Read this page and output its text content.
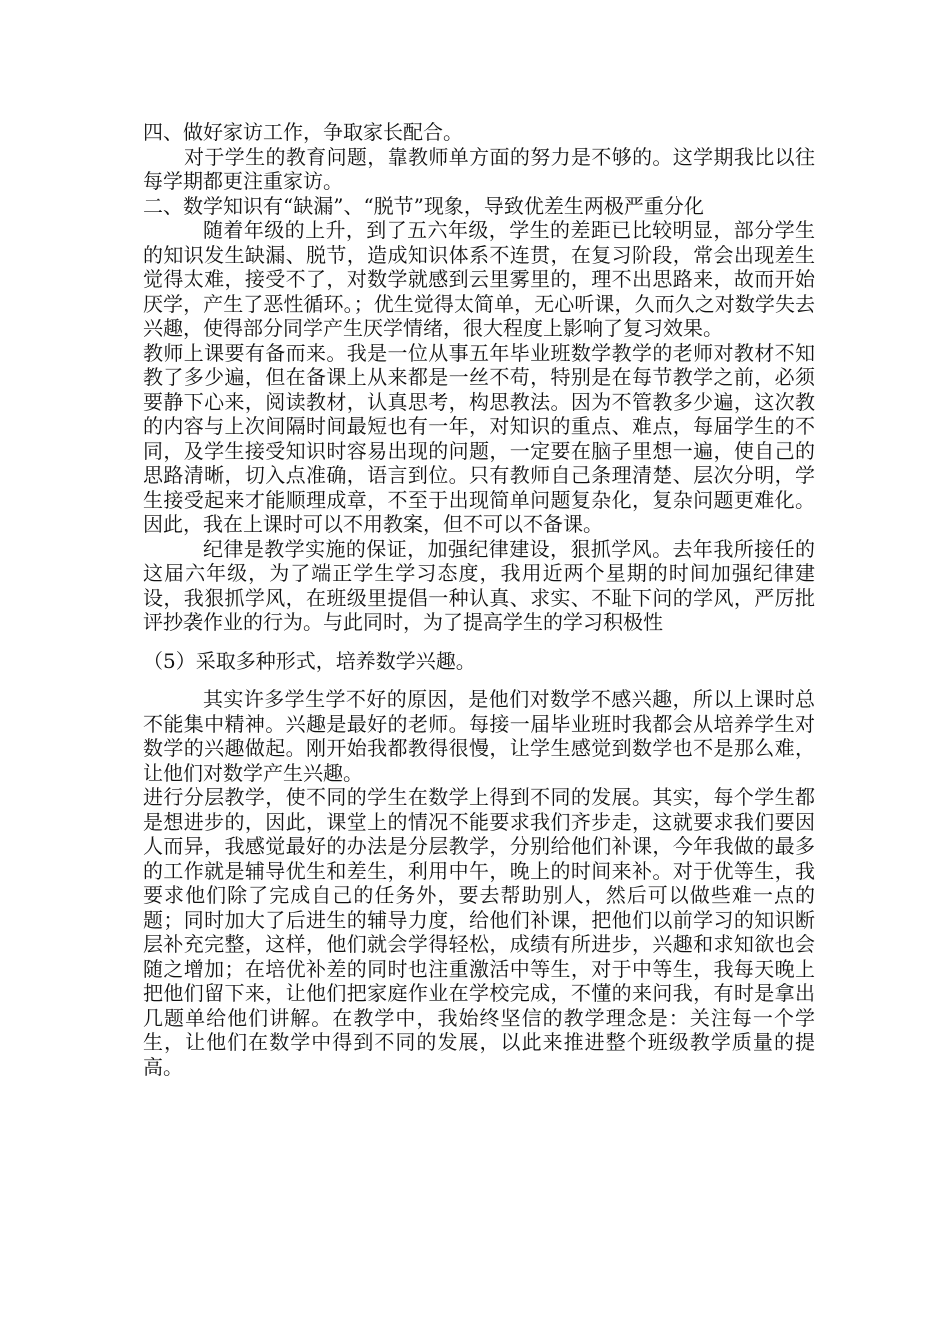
四、做好家访工作，争取家长配合。

对于学生的教育问题，靠教师单方面的努力是不够的。这学期我比以往每学期都更注重家访。

二、数学知识有“缺漏”、“脱节”现象，导致优差生两极严重分化

随着年级的上升，到了五六年级，学生的差距已比较明显，部分学生的知识发生缺漏、脱节，造成知识体系不连贯，在复习阶段，常会出现差生觉得太难，接受不了，对数学就感到云里雾里的，理不出思路来，故而开始厌学，产生了恶性循环。；优生觉得太简单，无心听课，久而久之对数学失去兴趣，使得部分同学产生厌学情绪，很大程度上影响了复习效果。

教师上课要有备而来。我是一位从事五年毕业班数学教学的老师对教材不知教了多少遍，但在备课上从来都是一丝不苟，特别是在每节教学之前，必须要静下心来，阅读教材，认真思考，构思教法。因为不管教多少遍，这次教的内容与上次间隔时间最短也有一年，对知识的重点、难点，每届学生的不同，及学生接受知识时容易出现的问题，一定要在脑子里想一遍，使自己的思路清晰，切入点准确，语言到位。只有教师自己条理清楚、层次分明，学生接受起来才能顺理成章，不至于出现简单问题复杂化，复杂问题更难化。因此，我在上课时可以不用教案，但不可以不备课。

纪律是教学实施的保证，加强纪律建设，狠抓学风。去年我所接任的这届六年级，为了端正学生学习态度，我用近两个星期的时间加强纪律建设，我狠抓学风，在班级里提倡一种认真、求实、不耻下问的学风，严厉批评抄袭作业的行为。与此同时，为了提高学生的学习积极性

（5）采取多种形式，培养数学兴趣。

其实许多学生学不好的原因，是他们对数学不感兴趣，所以上课时总不能集中精神。兴趣是最好的老师。每接一届毕业班时我都会从培养学生对数学的兴趣做起。刚开始我都教得很慢，让学生感觉到数学也不是那么难，让他们对数学产生兴趣。

进行分层教学，使不同的学生在数学上得到不同的发展。其实，每个学生都是想进步的，因此，课堂上的情况不能要求我们齐步走，这就要求我们要因人而异，我感觉最好的办法是分层教学，分别给他们补课，今年我做的最多的工作就是辅导优生和差生，利用中午，晚上的时间来补。对于优等生，我要求他们除了完成自己的任务外，要去帮助别人，然后可以做些难一点的题；同时加大了后进生的辅导力度，给他们补课，把他们以前学习的知识断层补充完整，这样，他们就会学得轻松，成绩有所进步，兴趣和求知欲也会随之增加；在培优补差的同时也注重激活中等生，对于中等生，我每天晚上把他们留下来，让他们把家庭作业在学校完成，不懂的来问我，有时是拿出几题单给他们讲解。在教学中，我始终坚信的教学理念是：关注每一个学生，让他们在数学中得到不同的发展，以此来推进整个班级教学质量的提高。
